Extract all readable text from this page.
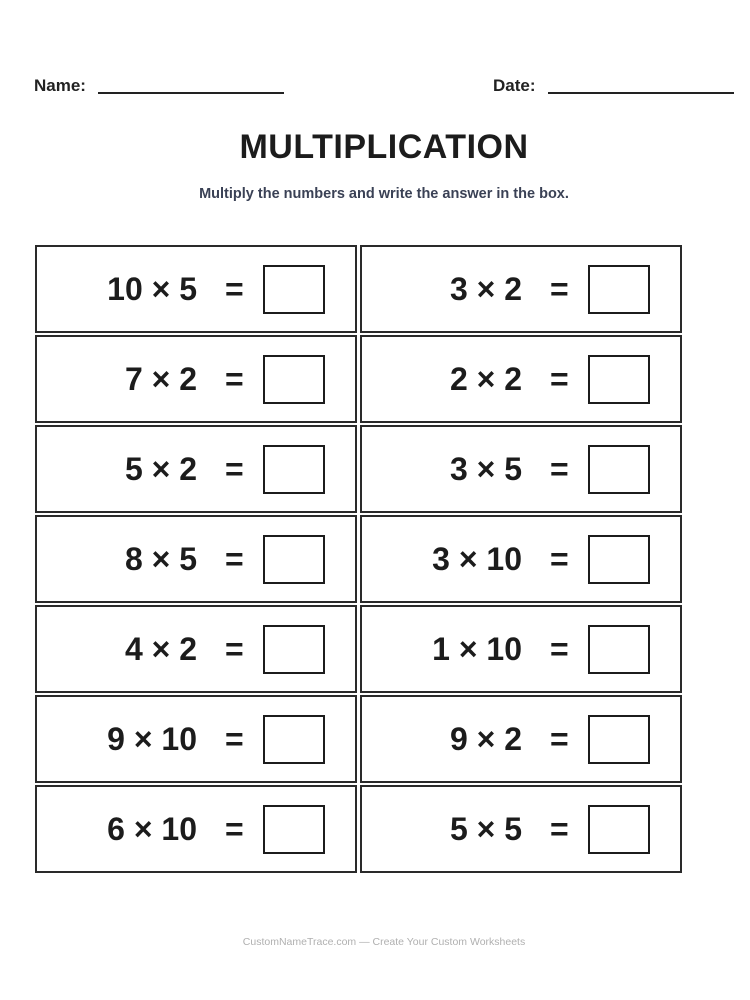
Name:	Date:
MULTIPLICATION
Multiply the numbers and write the answer in the box.
10 × 5 =	3 × 2 =
7 × 2 =	2 × 2 =
5 × 2 =	3 × 5 =
8 × 5 =	3 × 10 =
4 × 2 =	1 × 10 =
9 × 10 =	9 × 2 =
6 × 10 =	5 × 5 =
CustomNameTrace.com — Create Your Custom Worksheets
